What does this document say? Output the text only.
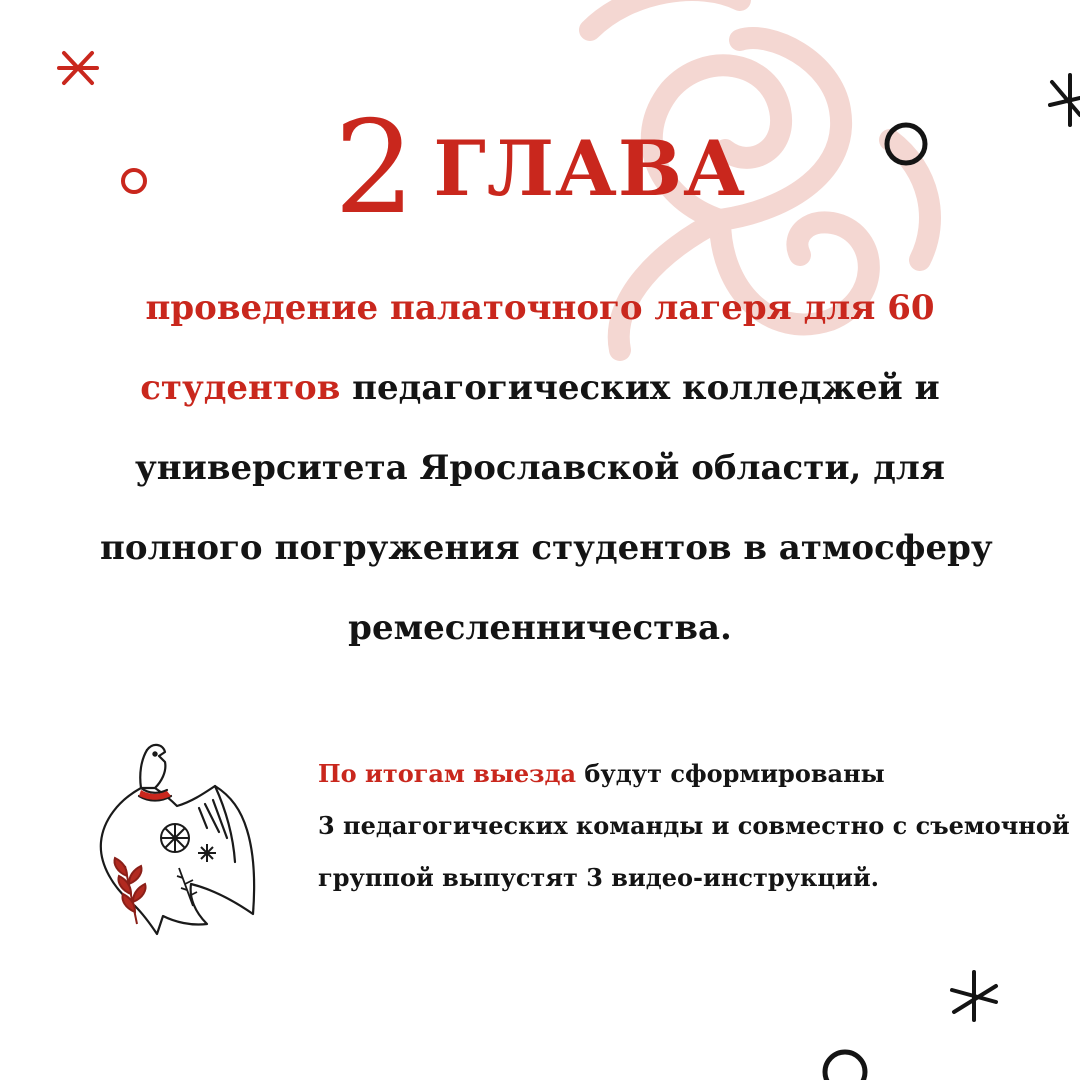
2 ГЛАВА
проведение палаточного лагеря для 60
студентов педагогических колледжей и
университета Ярославской области, для
полного погружения студентов в атмосферу
ремесленничества.
По итогам выезда будут сформированы
3 педагогических команды и совместно с съемочной
группой выпустят 3 видео-инструкций.
